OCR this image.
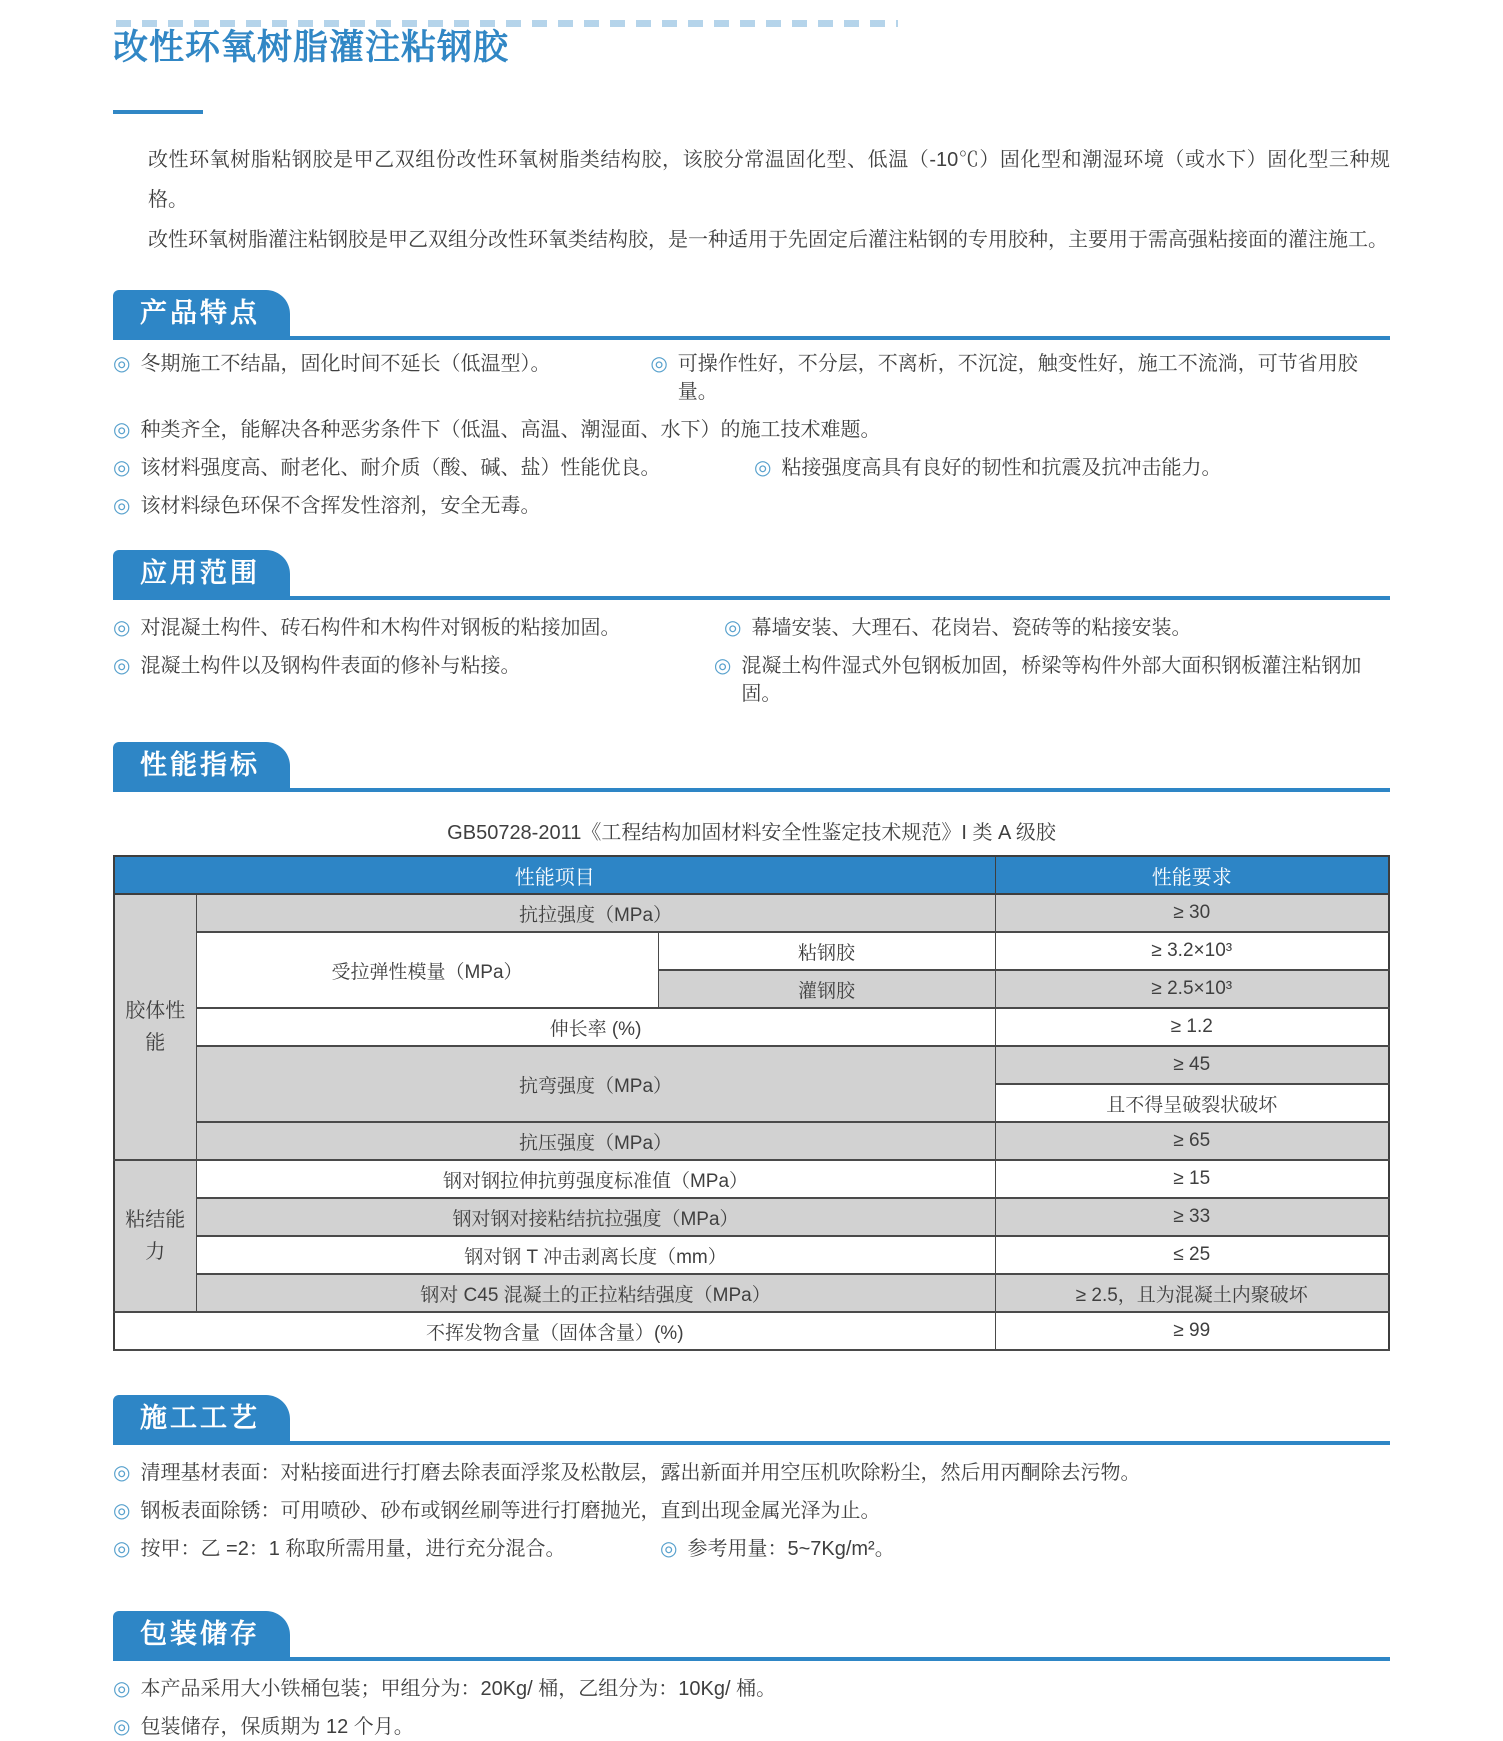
改性环氧树脂灌注粘钢胶

改性环氧树脂粘钢胶是甲乙双组份改性环氧树脂类结构胶，该胶分常温固化型、低温（-10℃）固化型和潮湿环境（或水下）固化型三种规格。

改性环氧树脂灌注粘钢胶是甲乙双组分改性环氧类结构胶，是一种适用于先固定后灌注粘钢的专用胶种，主要用于需高强粘接面的灌注施工。

产品特点
◎ 冬期施工不结晶，固化时间不延长（低温型）。	◎ 可操作性好，不分层，不离析，不沉淀，触变性好，施工不流淌，可节省用胶量。
◎ 种类齐全，能解决各种恶劣条件下（低温、高温、潮湿面、水下）的施工技术难题。
◎ 该材料强度高、耐老化、耐介质（酸、碱、盐）性能优良。	◎ 粘接强度高具有良好的韧性和抗震及抗冲击能力。
◎ 该材料绿色环保不含挥发性溶剂，安全无毒。
应用范围
◎ 对混凝土构件、砖石构件和木构件对钢板的粘接加固。	◎ 幕墙安装、大理石、花岗岩、瓷砖等的粘接安装。
◎ 混凝土构件以及钢构件表面的修补与粘接。	◎ 混凝土构件湿式外包钢板加固，桥梁等构件外部大面积钢板灌注粘钢加固。
性能指标
GB50728-2011《工程结构加固材料安全性鉴定技术规范》I 类 A 级胶
性能项目			性能要求
胶体性能	抗拉强度（MPa）		≥ 30
	受拉弹性模量（MPa）	粘钢胶	≥ 3.2×10³
		灌钢胶	≥ 2.5×10³
	伸长率 (%)		≥ 1.2
	抗弯强度（MPa）		≥ 45
			且不得呈破裂状破坏
	抗压强度（MPa）		≥ 65
粘结能力	钢对钢拉伸抗剪强度标准值（MPa）		≥ 15
	钢对钢对接粘结抗拉强度（MPa）		≥ 33
	钢对钢 T 冲击剥离长度（mm）		≤ 25
	钢对 C45 混凝土的正拉粘结强度（MPa）		≥ 2.5，且为混凝土内聚破坏
不挥发物含量（固体含量）(%)			≥ 99
施工工艺
◎ 清理基材表面：对粘接面进行打磨去除表面浮浆及松散层，露出新面并用空压机吹除粉尘，然后用丙酮除去污物。
◎ 钢板表面除锈：可用喷砂、砂布或钢丝刷等进行打磨抛光，直到出现金属光泽为止。
◎ 按甲：乙 =2：1 称取所需用量，进行充分混合。	◎ 参考用量：5~7Kg/m²。
包装储存
◎ 本产品采用大小铁桶包装；甲组分为：20Kg/ 桶，乙组分为：10Kg/ 桶。
◎ 包装储存，保质期为 12 个月。
